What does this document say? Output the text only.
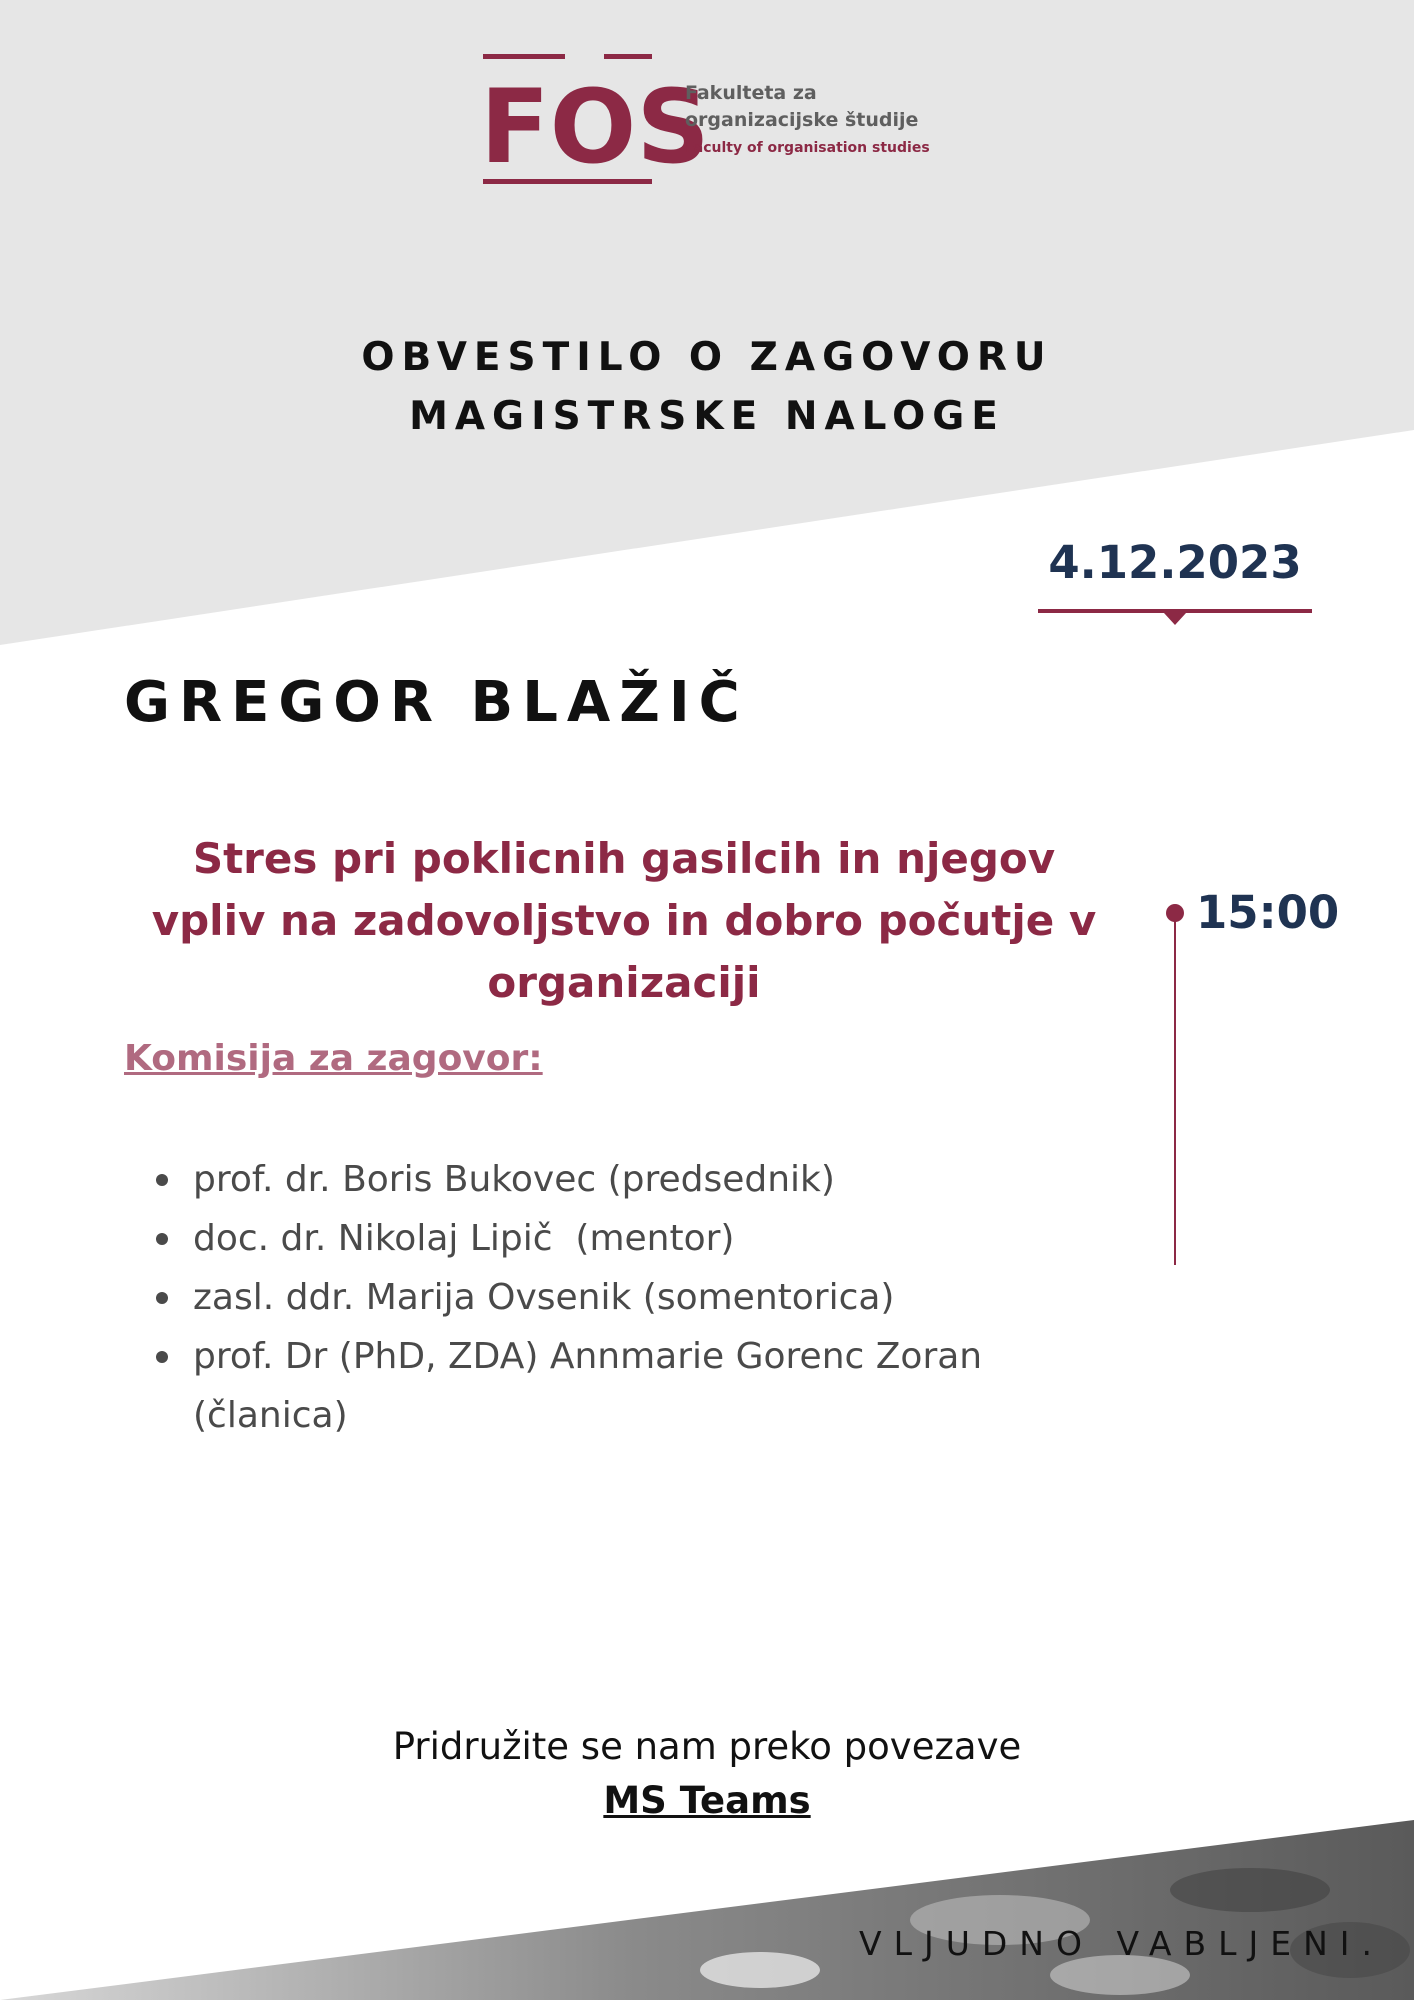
FOS
Fakulteta za
organizacijske študije
Faculty of organisation studies
OBVESTILO O ZAGOVORU
MAGISTRSKE NALOGE
4.12.2023
GREGOR BLAŽIČ
Stres pri poklicnih gasilcih in njegov
vpliv na zadovoljstvo in dobro počutje v
organizaciji
15:00
Komisija za zagovor:
prof. dr. Boris Bukovec (predsednik)
doc. dr. Nikolaj Lipič  (mentor)
zasl. ddr. Marija Ovsenik (somentorica)
prof. Dr (PhD, ZDA) Annmarie Gorenc Zoran
(članica)
Pridružite se nam preko povezave
MS Teams
VLJUDNO VABLJENI.
